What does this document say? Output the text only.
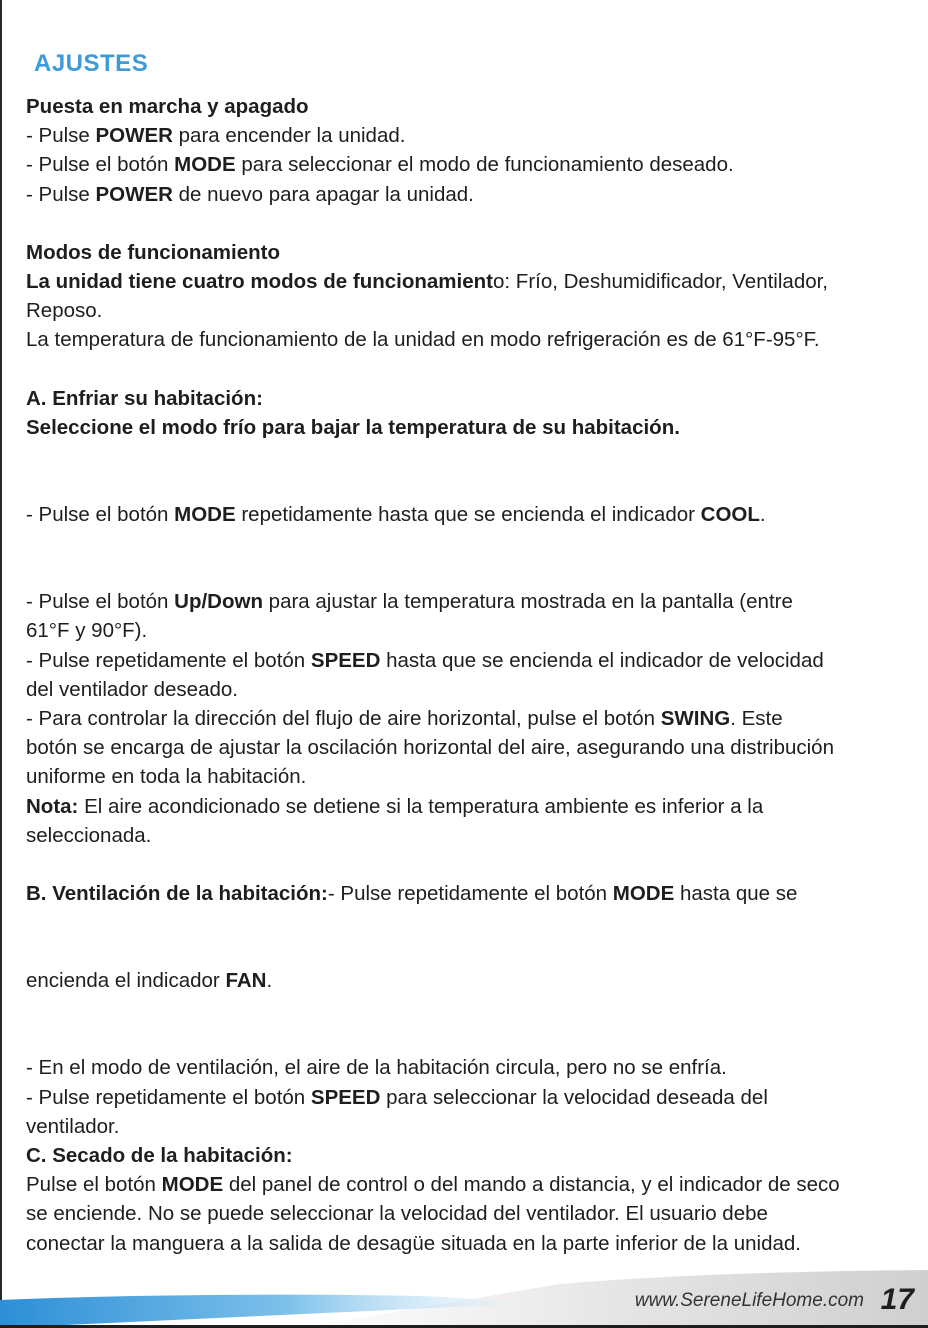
AJUSTES

Puesta en marcha y apagado

- Pulse POWER para encender la unidad.

- Pulse el botón MODE para seleccionar el modo de funcionamiento deseado.

- Pulse POWER de nuevo para apagar la unidad.

Modos de funcionamiento

La unidad tiene cuatro modos de funcionamiento: Frío, Deshumidificador, Ventilador,

Reposo.

La temperatura de funcionamiento de la unidad en modo refrigeración es de 61°F-95°F.

A. Enfriar su habitación:

Seleccione el modo frío para bajar la temperatura de su habitación.

- Pulse el botón MODE repetidamente hasta que se encienda el indicador COOL.

- Pulse el botón Up/Down para ajustar la temperatura mostrada en la pantalla (entre

61°F y 90°F).

- Pulse repetidamente el botón SPEED hasta que se encienda el indicador de velocidad

del ventilador deseado.

- Para controlar la dirección del flujo de aire horizontal, pulse el botón SWING. Este

botón se encarga de ajustar la oscilación horizontal del aire, asegurando una distribución

uniforme en toda la habitación.

Nota: El aire acondicionado se detiene si la temperatura ambiente es inferior a la

seleccionada.

B. Ventilación de la habitación:- Pulse repetidamente el botón MODE hasta que se

encienda el indicador FAN.

- En el modo de ventilación, el aire de la habitación circula, pero no se enfría.

- Pulse repetidamente el botón SPEED para seleccionar la velocidad deseada del

ventilador.

C. Secado de la habitación:

Pulse el botón MODE del panel de control o del mando a distancia, y el indicador de seco

se enciende. No se puede seleccionar la velocidad del ventilador. El usuario debe

conectar la manguera a la salida de desagüe situada en la parte inferior de la unidad.

www.SereneLifeHome.com 17
